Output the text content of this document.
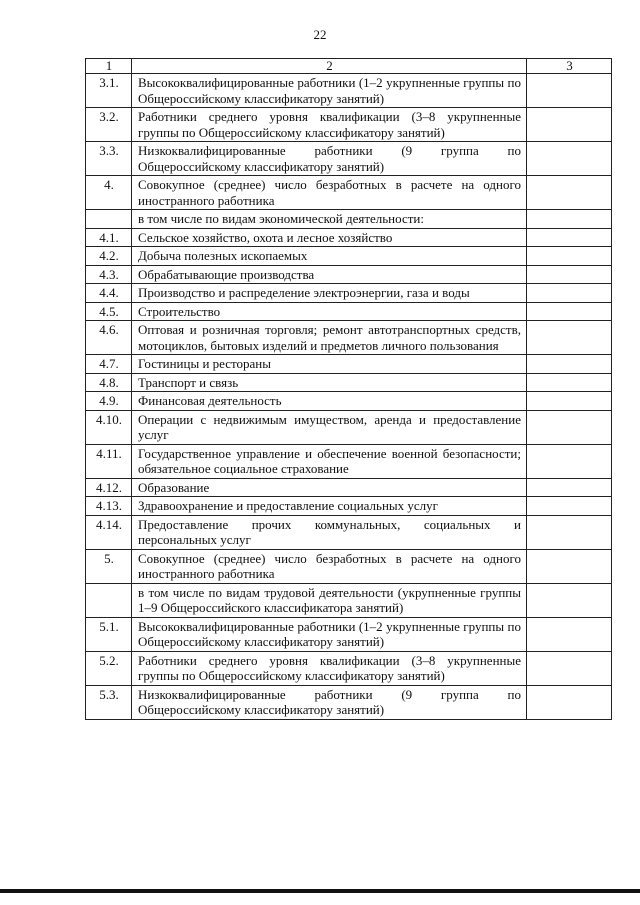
22
1	2	3
3.1.	Высококвалифицированные работники (1–2 укрупненные группы по Общероссийскому классификатору занятий)	
3.2.	Работники среднего уровня квалификации (3–8 укрупненные группы по Общероссийскому классификатору занятий)	
3.3.	Низкоквалифицированные работники (9 группа по Общероссийскому классификатору занятий)	
4.	Совокупное (среднее) число безработных в расчете на одного иностранного работника	
	в том числе по видам экономической деятельности:	
4.1.	Сельское хозяйство, охота и лесное хозяйство	
4.2.	Добыча полезных ископаемых	
4.3.	Обрабатывающие производства	
4.4.	Производство и распределение электроэнергии, газа и воды	
4.5.	Строительство	
4.6.	Оптовая и розничная торговля; ремонт автотранспортных средств, мотоциклов, бытовых изделий и предметов личного пользования	
4.7.	Гостиницы и рестораны	
4.8.	Транспорт и связь	
4.9.	Финансовая деятельность	
4.10.	Операции с недвижимым имуществом, аренда и предоставление услуг	
4.11.	Государственное управление и обеспечение военной безопасности; обязательное социальное страхование	
4.12.	Образование	
4.13.	Здравоохранение и предоставление социальных услуг	
4.14.	Предоставление прочих коммунальных, социальных и персональных услуг	
5.	Совокупное (среднее) число безработных в расчете на одного иностранного работника	
	в том числе по видам трудовой деятельности (укрупненные группы 1–9 Общероссийского классификатора занятий)	
5.1.	Высококвалифицированные работники (1–2 укрупненные группы по Общероссийскому классификатору занятий)	
5.2.	Работники среднего уровня квалификации (3–8 укрупненные группы по Общероссийскому классификатору занятий)	
5.3.	Низкоквалифицированные работники (9 группа по Общероссийскому классификатору занятий)	
